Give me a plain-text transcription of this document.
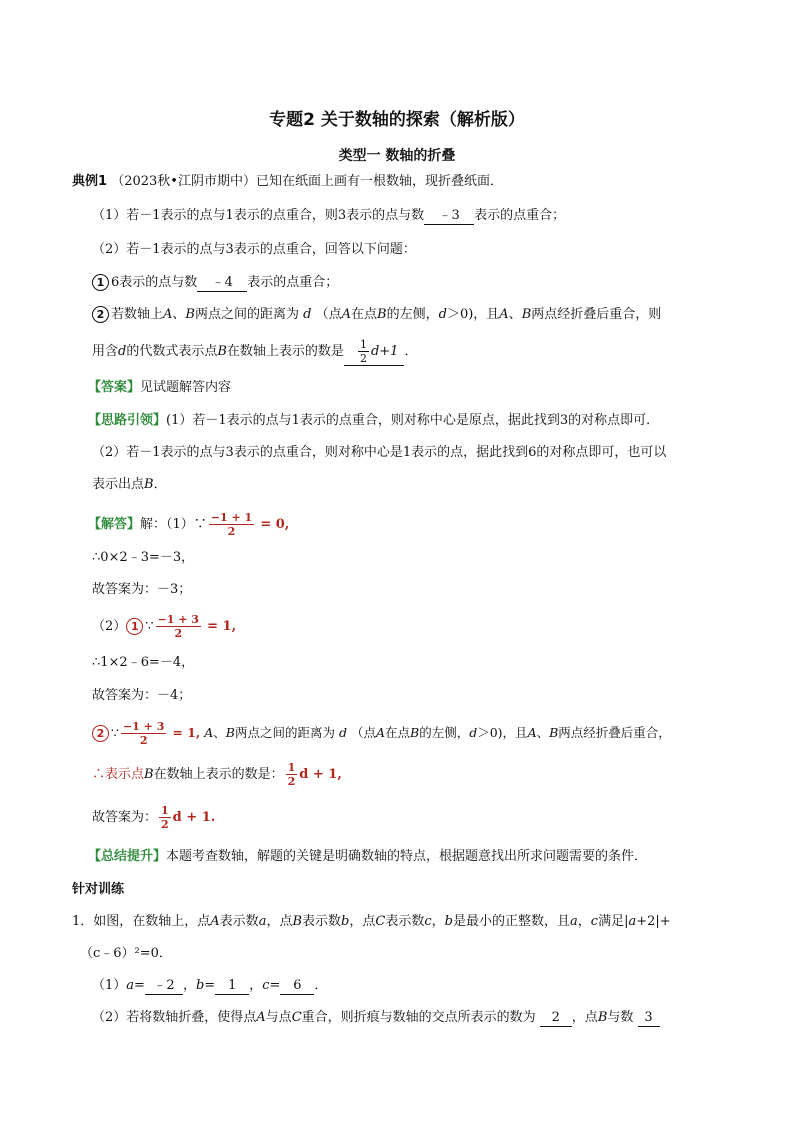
专题2 关于数轴的探索（解析版）
类型一 数轴的折叠
典例1 （2023秋•江阴市期中）已知在纸面上画有一根数轴，现折叠纸面．
（1）若－1表示的点与1表示的点重合，则3表示的点与数 ﹣3 表示的点重合；
（2）若－1表示的点与3表示的点重合，回答以下问题：
1 6表示的点与数 ﹣4 表示的点重合；
2 若数轴上A、B两点之间的距离为 d （点A在点B的左侧，d＞0)，且A、B两点经折叠后重合，则
用含d的代数式表示点B在数轴上表示的数是 $\frac{1}{2} d+1$ ．
【答案】见试题解答内容
【思路引领】(1）若－1表示的点与1表示的点重合，则对称中心是原点，据此找到3的对称点即可．
（2）若－1表示的点与3表示的点重合，则对称中心是1表示的点，据此找到6的对称点即可，也可以
表示出点B．
【解答】解：（1）∵ $\frac{-1 + 1}{2} = 0$,
∴0×2﹣3=－3，
故答案为：－3；
（2） 1 ∵ $\frac{-1 + 3}{2} = 1$,
∴1×2﹣6=－4，
故答案为：－4；
2 ∵ $\frac{-1 + 3}{2} = 1$, A、B两点之间的距离为 d （点A在点B的左侧，d＞0)，且A、B两点经折叠后重合，
∴表示点B在数轴上表示的数是： $\frac{1}{2}$ d + 1,
故答案为： $\frac{1}{2}$ d + 1.
【总结提升】本题考查数轴，解题的关键是明确数轴的特点，根据题意找出所求问题需要的条件．
针对训练
1．如图，在数轴上，点A表示数a，点B表示数b，点C表示数c，b是最小的正整数，且a，c满足|a+2|+
（c﹣6）²=0．
（1）a= ﹣2 ，b= 1 ，c= 6 ．
（2）若将数轴折叠，使得点A与点C重合，则折痕与数轴的交点所表示的数为 2 ，点B与数 3
